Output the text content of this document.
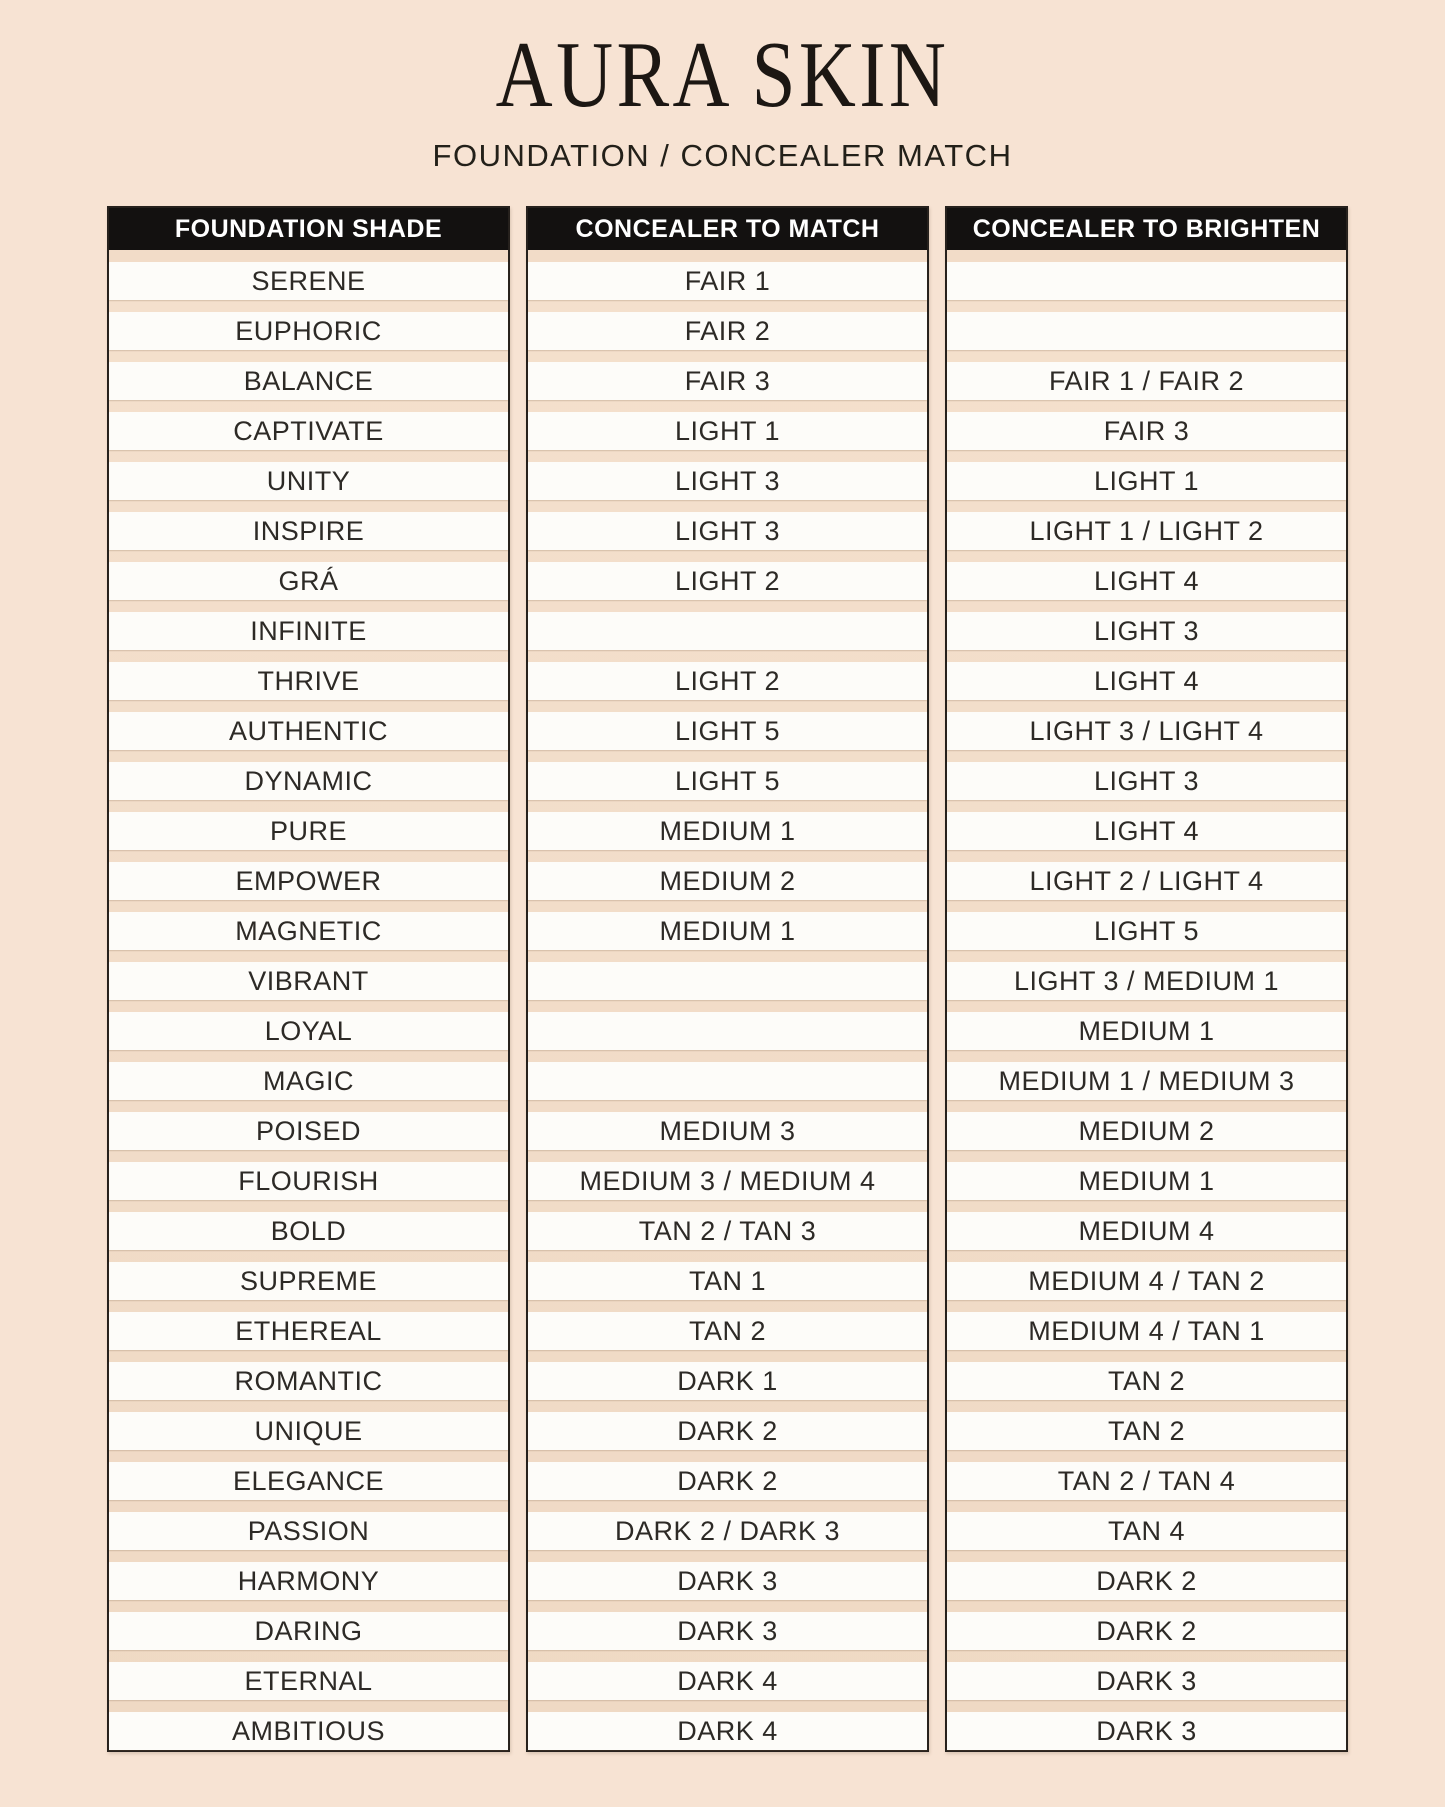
AURA SKIN
FOUNDATION / CONCEALER MATCH
FOUNDATION SHADE
SERENE
EUPHORIC
BALANCE
CAPTIVATE
UNITY
INSPIRE
GRÁ
INFINITE
THRIVE
AUTHENTIC
DYNAMIC
PURE
EMPOWER
MAGNETIC
VIBRANT
LOYAL
MAGIC
POISED
FLOURISH
BOLD
SUPREME
ETHEREAL
ROMANTIC
UNIQUE
ELEGANCE
PASSION
HARMONY
DARING
ETERNAL
AMBITIOUS
CONCEALER TO MATCH
FAIR 1
FAIR 2
FAIR 3
LIGHT 1
LIGHT 3
LIGHT 3
LIGHT 2

LIGHT 2
LIGHT 5
LIGHT 5
MEDIUM 1
MEDIUM 2
MEDIUM 1

MEDIUM 3
MEDIUM 3 / MEDIUM 4
TAN 2 / TAN 3
TAN 1
TAN 2
DARK 1
DARK 2
DARK 2
DARK 2 / DARK 3
DARK 3
DARK 3
DARK 4
DARK 4
CONCEALER TO BRIGHTEN

FAIR 1 / FAIR 2
FAIR 3
LIGHT 1
LIGHT 1 / LIGHT 2
LIGHT 4
LIGHT 3
LIGHT 4
LIGHT 3 / LIGHT 4
LIGHT 3
LIGHT 4
LIGHT 2 / LIGHT 4
LIGHT 5
LIGHT 3 / MEDIUM 1
MEDIUM 1
MEDIUM 1 / MEDIUM 3
MEDIUM 2
MEDIUM 1
MEDIUM 4
MEDIUM 4 / TAN 2
MEDIUM 4 / TAN 1
TAN 2
TAN 2
TAN 2 / TAN 4
TAN 4
DARK 2
DARK 2
DARK 3
DARK 3
